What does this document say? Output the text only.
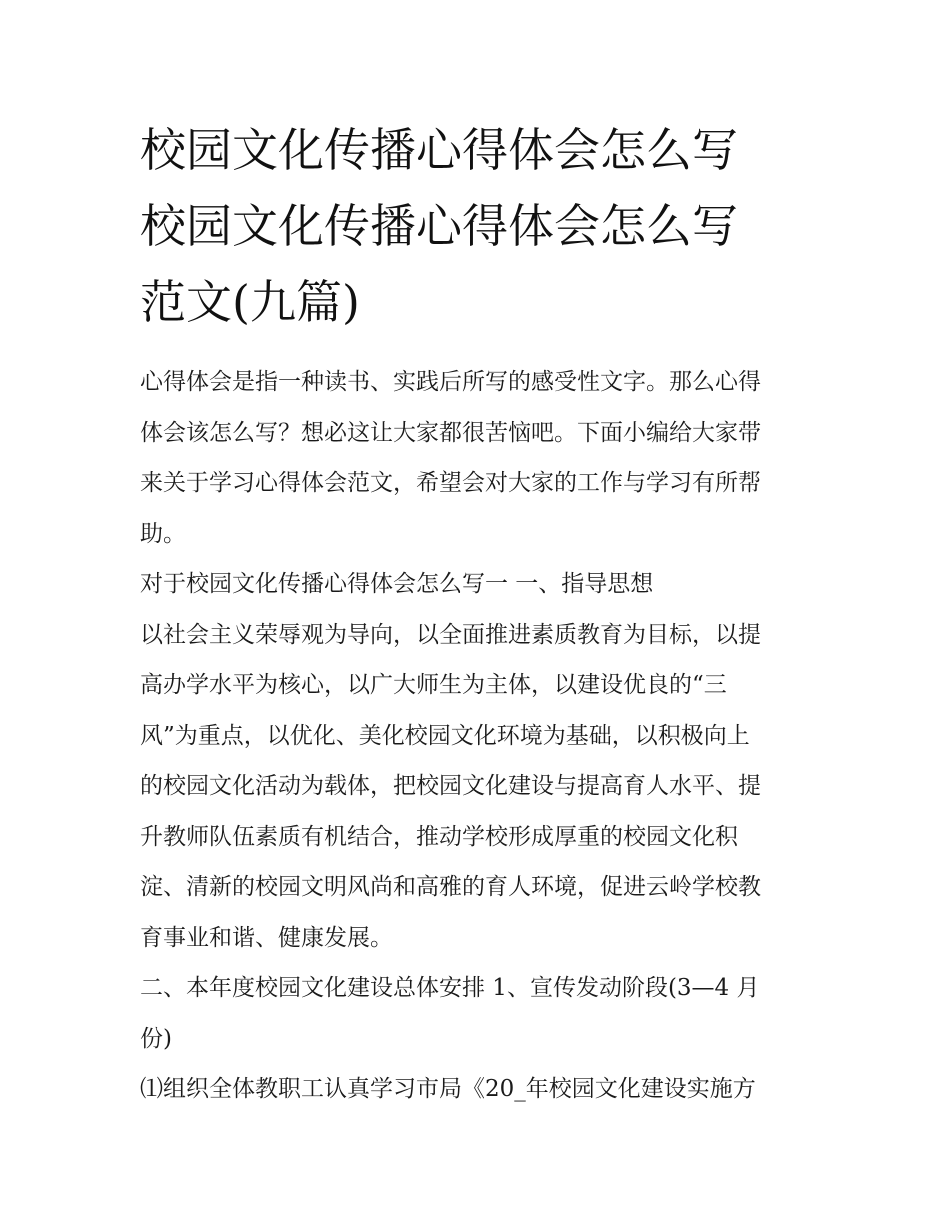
校园文化传播心得体会怎么写
校园文化传播心得体会怎么写
范文(九篇)
心得体会是指一种读书、实践后所写的感受性文字。那么心得
体会该怎么写？想必这让大家都很苦恼吧。下面小编给大家带
来关于学习心得体会范文，希望会对大家的工作与学习有所帮
助。
对于校园文化传播心得体会怎么写一 一、指导思想
以社会主义荣辱观为导向，以全面推进素质教育为目标，以提
高办学水平为核心，以广大师生为主体，以建设优良的“三
风”为重点，以优化、美化校园文化环境为基础，以积极向上
的校园文化活动为载体，把校园文化建设与提高育人水平、提
升教师队伍素质有机结合，推动学校形成厚重的校园文化积
淀、清新的校园文明风尚和高雅的育人环境，促进云岭学校教
育事业和谐、健康发展。
二、本年度校园文化建设总体安排 1、宣传发动阶段(3—4 月
份)
⑴组织全体教职工认真学习市局《20_年校园文化建设实施方
